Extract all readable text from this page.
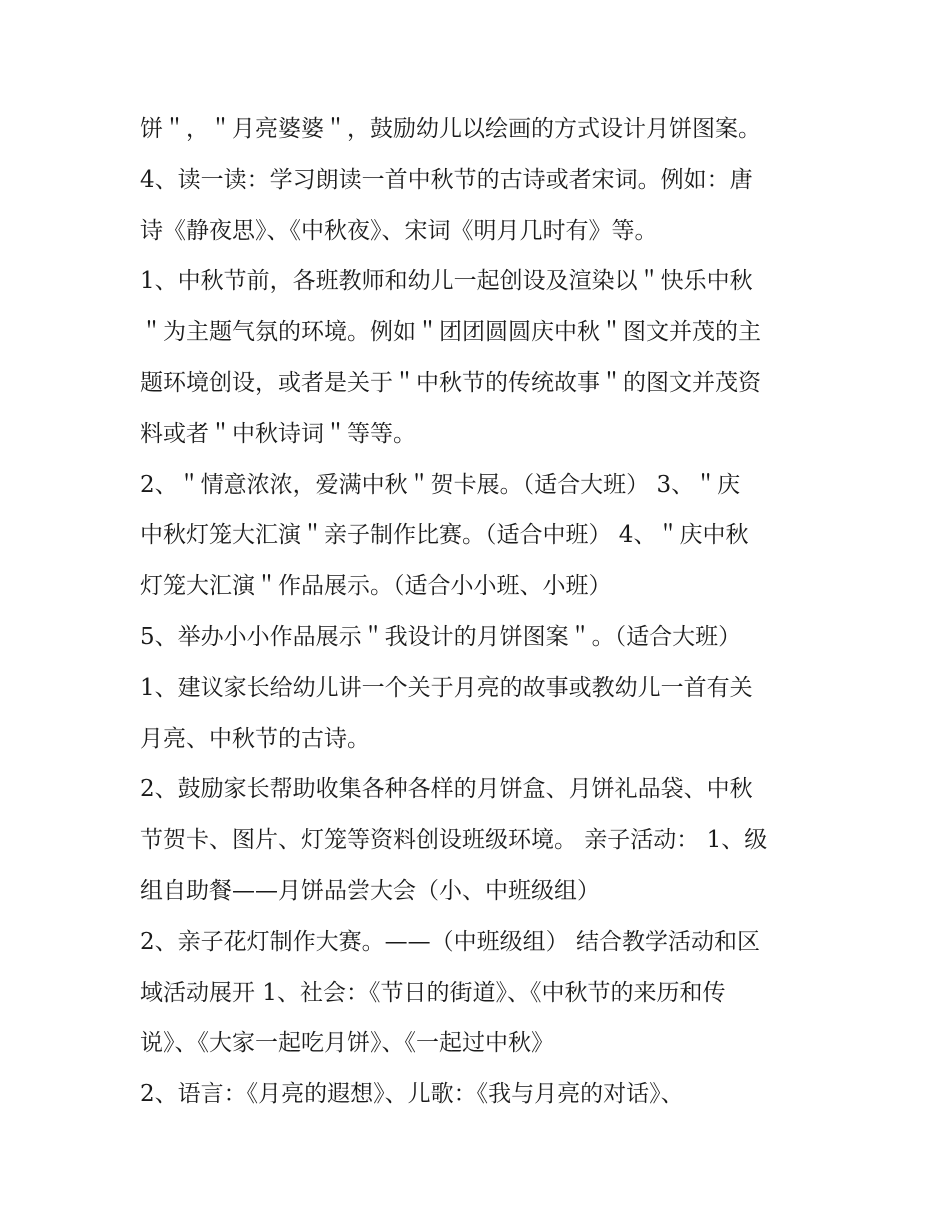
饼＂，＂月亮婆婆＂，鼓励幼儿以绘画的方式设计月饼图案。
4、读一读：学习朗读一首中秋节的古诗或者宋词。例如：唐
诗《静夜思》、《中秋夜》、宋词《明月几时有》等。
1、中秋节前，各班教师和幼儿一起创设及渲染以＂快乐中秋
＂为主题气氛的环境。例如＂团团圆圆庆中秋＂图文并茂的主
题环境创设，或者是关于＂中秋节的传统故事＂的图文并茂资
料或者＂中秋诗词＂等等。
2、＂情意浓浓，爱满中秋＂贺卡展。（适合大班） 3、＂庆
中秋灯笼大汇演＂亲子制作比赛。（适合中班） 4、＂庆中秋
灯笼大汇演＂作品展示。（适合小小班、小班）
5、举办小小作品展示＂我设计的月饼图案＂。（适合大班）
1、建议家长给幼儿讲一个关于月亮的故事或教幼儿一首有关
月亮、中秋节的古诗。
2、鼓励家长帮助收集各种各样的月饼盒、月饼礼品袋、中秋
节贺卡、图片、灯笼等资料创设班级环境。 亲子活动： 1、级
组自助餐——月饼品尝大会（小、中班级组）
2、亲子花灯制作大赛。——（中班级组） 结合教学活动和区
域活动展开 1、社会：《节日的街道》、《中秋节的来历和传
说》、《大家一起吃月饼》、《一起过中秋》
2、语言：《月亮的遐想》、儿歌：《我与月亮的对话》、
